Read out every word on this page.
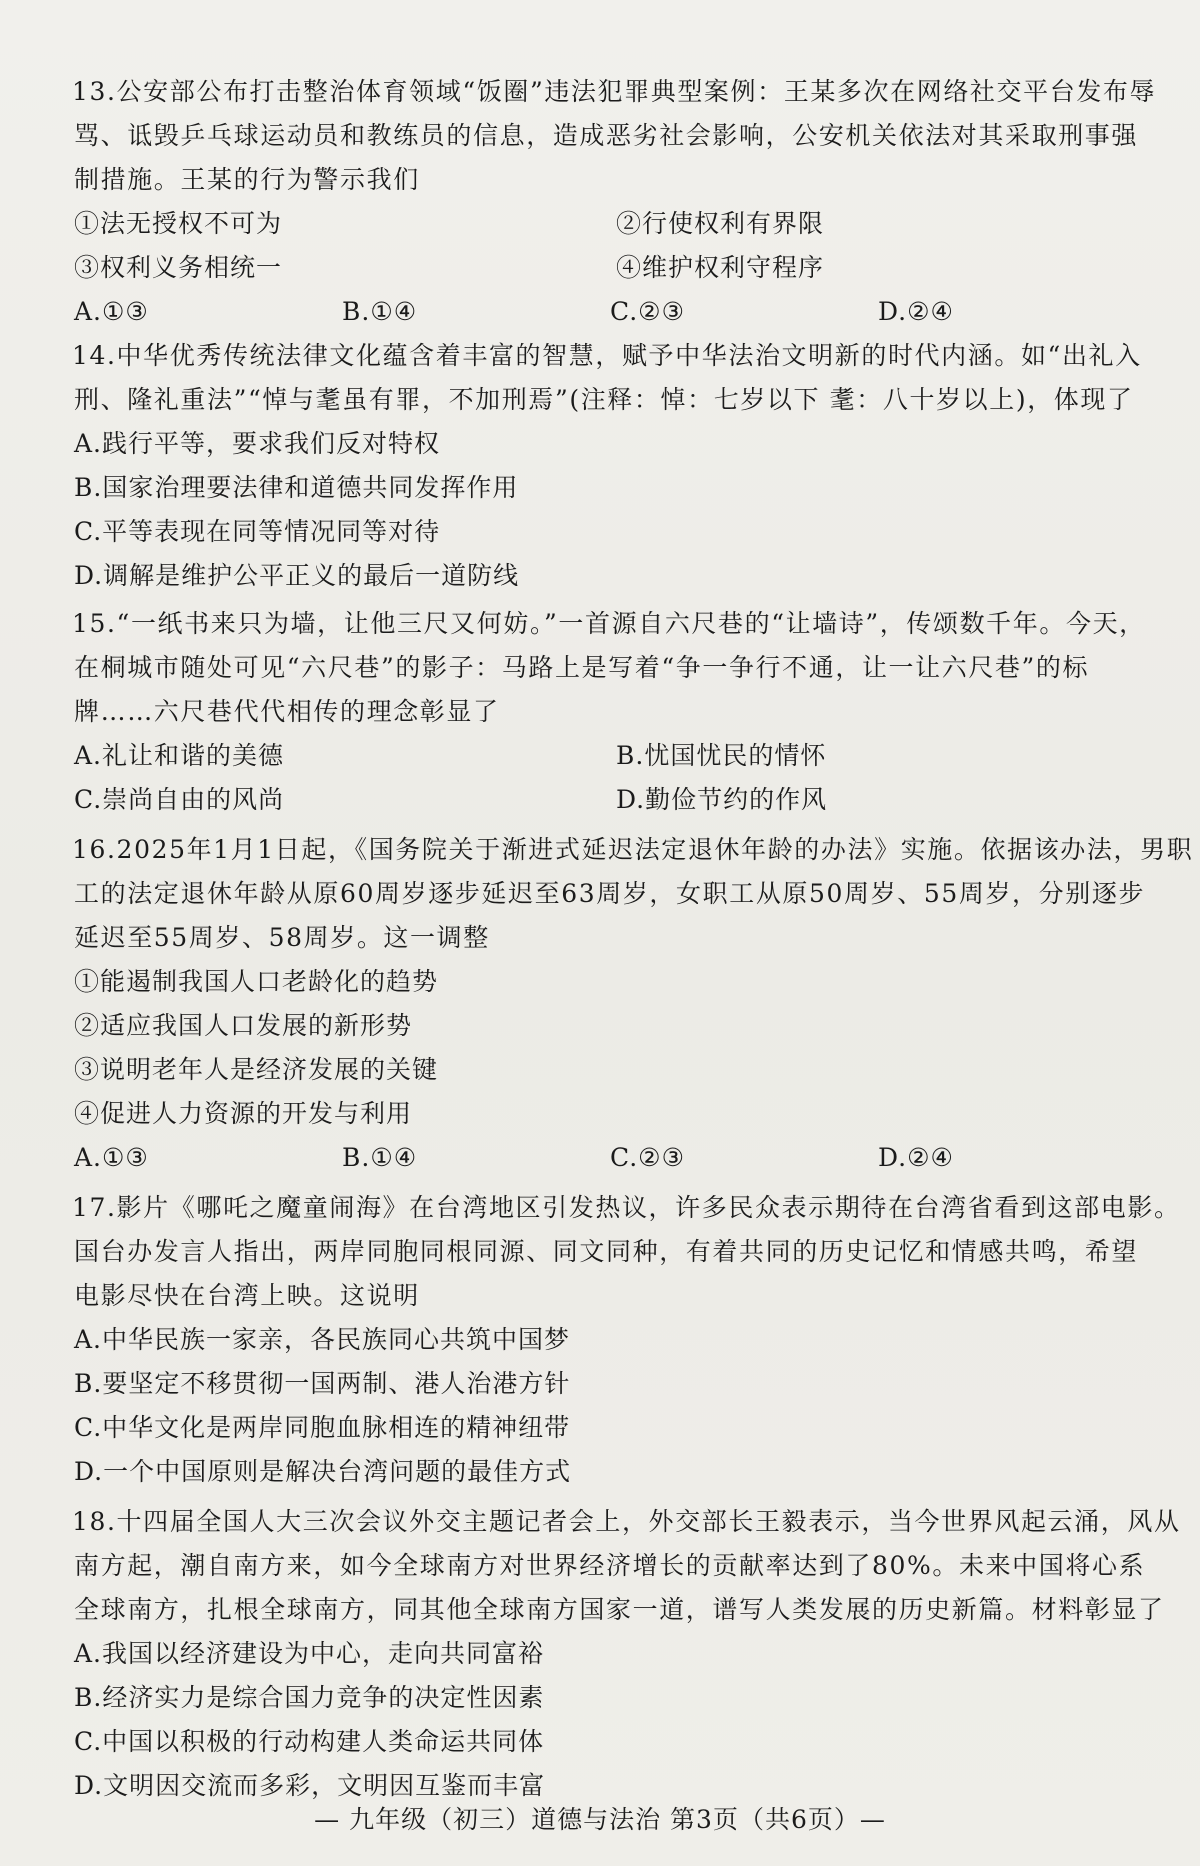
13.公安部公布打击整治体育领域“饭圈”违法犯罪典型案例：王某多次在网络社交平台发布辱
骂、诋毁乒乓球运动员和教练员的信息，造成恶劣社会影响，公安机关依法对其采取刑事强
制措施。王某的行为警示我们
①法无授权不可为	②行使权利有界限
③权利义务相统一	④维护权利守程序
A.①③	B.①④	C.②③	D.②④
14.中华优秀传统法律文化蕴含着丰富的智慧，赋予中华法治文明新的时代内涵。如“出礼入
刑、隆礼重法”“悼与耄虽有罪，不加刑焉”(注释：悼：七岁以下 耄：八十岁以上)，体现了
A.践行平等，要求我们反对特权
B.国家治理要法律和道德共同发挥作用
C.平等表现在同等情况同等对待
D.调解是维护公平正义的最后一道防线
15.“一纸书来只为墙，让他三尺又何妨。”一首源自六尺巷的“让墙诗”，传颂数千年。今天，
在桐城市随处可见“六尺巷”的影子：马路上是写着“争一争行不通，让一让六尺巷”的标
牌……六尺巷代代相传的理念彰显了
A.礼让和谐的美德	B.忧国忧民的情怀
C.崇尚自由的风尚	D.勤俭节约的作风
16.2025年1月1日起，《国务院关于渐进式延迟法定退休年龄的办法》实施。依据该办法，男职
工的法定退休年龄从原60周岁逐步延迟至63周岁，女职工从原50周岁、55周岁，分别逐步
延迟至55周岁、58周岁。这一调整
①能遏制我国人口老龄化的趋势
②适应我国人口发展的新形势
③说明老年人是经济发展的关键
④促进人力资源的开发与利用
A.①③	B.①④	C.②③	D.②④
17.影片《哪吒之魔童闹海》在台湾地区引发热议，许多民众表示期待在台湾省看到这部电影。
国台办发言人指出，两岸同胞同根同源、同文同种，有着共同的历史记忆和情感共鸣，希望
电影尽快在台湾上映。这说明
A.中华民族一家亲，各民族同心共筑中国梦
B.要坚定不移贯彻一国两制、港人治港方针
C.中华文化是两岸同胞血脉相连的精神纽带
D.一个中国原则是解决台湾问题的最佳方式
18.十四届全国人大三次会议外交主题记者会上，外交部长王毅表示，当今世界风起云涌，风从
南方起，潮自南方来，如今全球南方对世界经济增长的贡献率达到了80%。未来中国将心系
全球南方，扎根全球南方，同其他全球南方国家一道，谱写人类发展的历史新篇。材料彰显了
A.我国以经济建设为中心，走向共同富裕
B.经济实力是综合国力竞争的决定性因素
C.中国以积极的行动构建人类命运共同体
D.文明因交流而多彩，文明因互鉴而丰富
— 九年级（初三）道德与法治 第3页（共6页）—
